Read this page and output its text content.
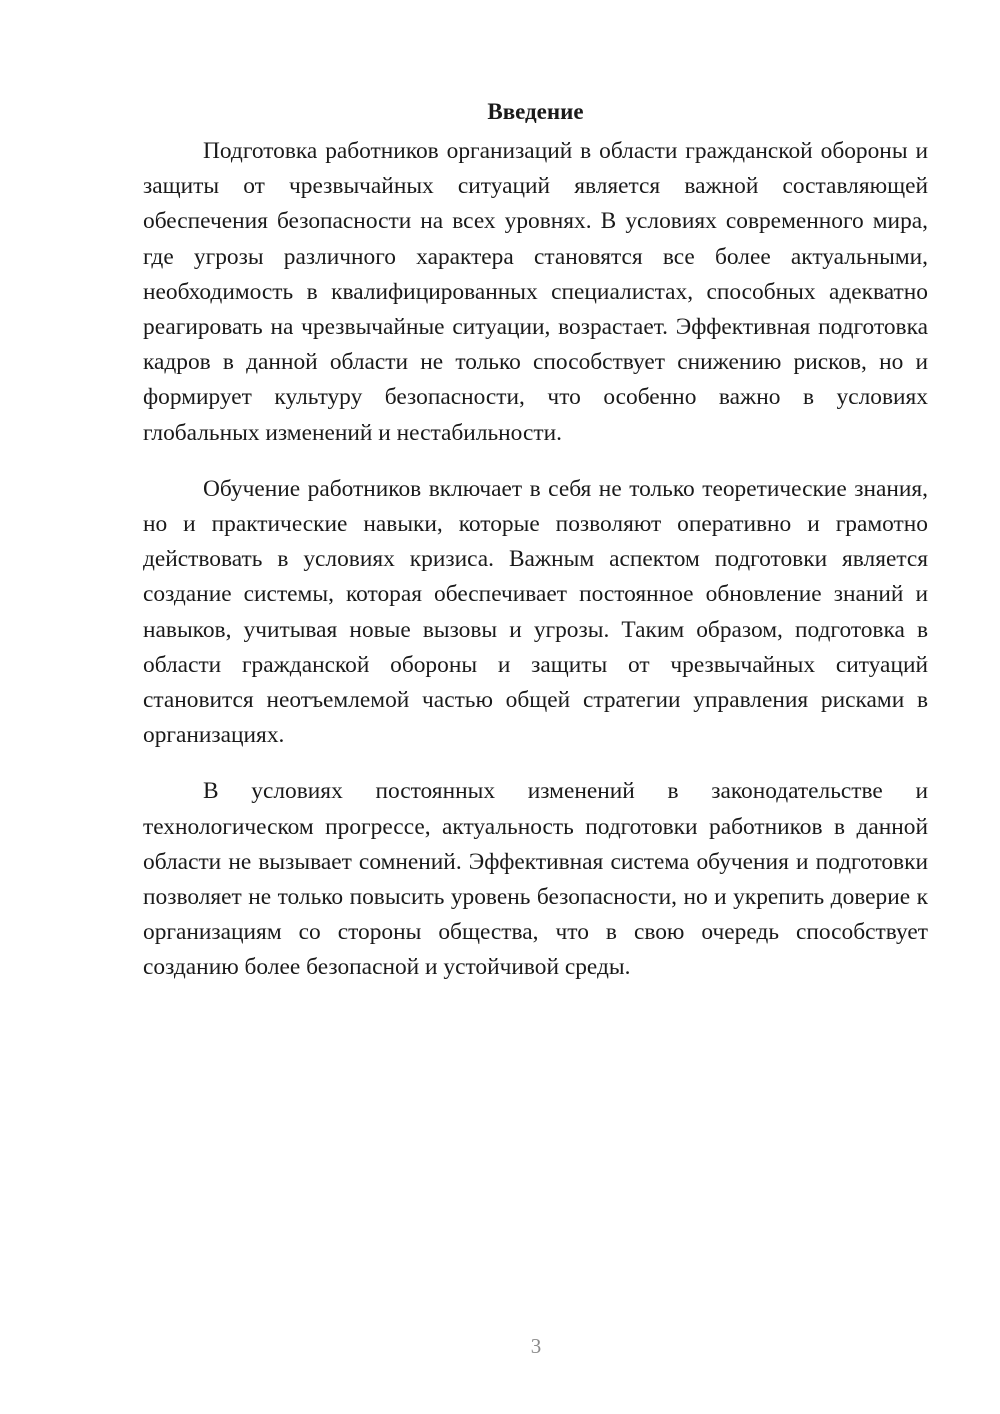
Введение

Подготовка работников организаций в области гражданской обороны и защиты от чрезвычайных ситуаций является важной составляющей обеспечения безопасности на всех уровнях. В условиях современного мира, где угрозы различного характера становятся все более актуальными, необходимость в квалифицированных специалистах, способных адекватно реагировать на чрезвычайные ситуации, возрастает. Эффективная подготовка кадров в данной области не только способствует снижению рисков, но и формирует культуру безопасности, что особенно важно в условиях глобальных изменений и нестабильности.

Обучение работников включает в себя не только теоретические знания, но и практические навыки, которые позволяют оперативно и грамотно действовать в условиях кризиса. Важным аспектом подготовки является создание системы, которая обеспечивает постоянное обновление знаний и навыков, учитывая новые вызовы и угрозы. Таким образом, подготовка в области гражданской обороны и защиты от чрезвычайных ситуаций становится неотъемлемой частью общей стратегии управления рисками в организациях.

В условиях постоянных изменений в законодательстве и технологическом прогрессе, актуальность подготовки работников в данной области не вызывает сомнений. Эффективная система обучения и подготовки позволяет не только повысить уровень безопасности, но и укрепить доверие к организациям со стороны общества, что в свою очередь способствует созданию более безопасной и устойчивой среды.

3
